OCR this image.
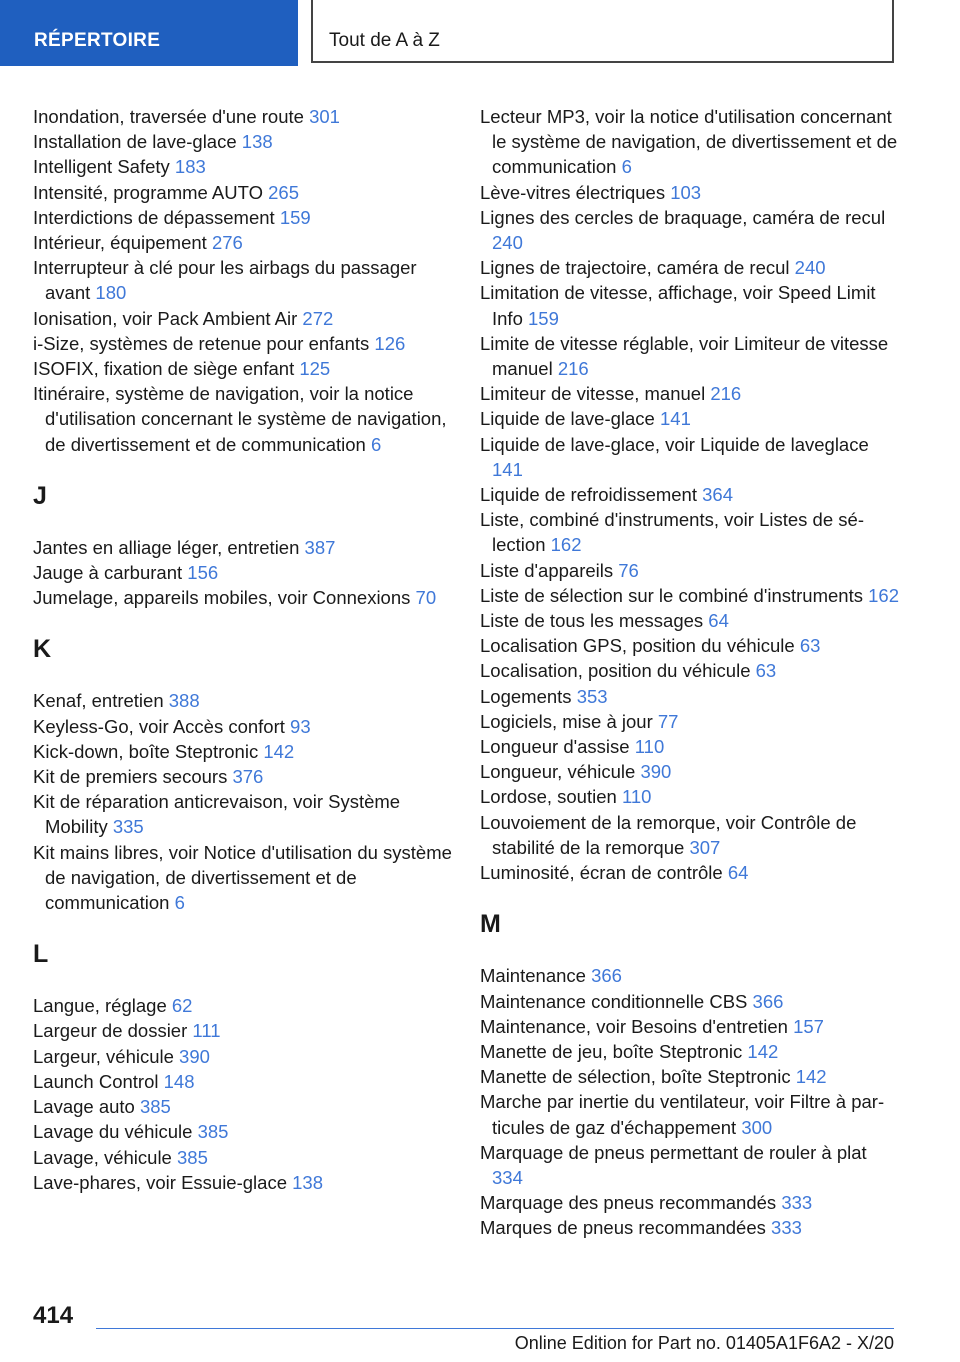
RÉPERTOIRE	Tout de A à Z
Inondation, traversée d'une route 301
Installation de lave-glace 138
Intelligent Safety 183
Intensité, programme AUTO 265
Interdictions de dépassement 159
Intérieur, équipement 276
Interrupteur à clé pour les airbags du passager avant 180
Ionisation, voir Pack Ambient Air 272
i-Size, systèmes de retenue pour enfants 126
ISOFIX, fixation de siège enfant 125
Itinéraire, système de navigation, voir la notice d'utilisation concernant le système de navigation, de divertissement et de communication 6
J
Jantes en alliage léger, entretien 387
Jauge à carburant 156
Jumelage, appareils mobiles, voir Connexions 70
K
Kenaf, entretien 388
Keyless-Go, voir Accès confort 93
Kick-down, boîte Steptronic 142
Kit de premiers secours 376
Kit de réparation anticrevaison, voir Système Mobility 335
Kit mains libres, voir Notice d'utilisation du système de navigation, de divertissement et de communication 6
L
Langue, réglage 62
Largeur de dossier 111
Largeur, véhicule 390
Launch Control 148
Lavage auto 385
Lavage du véhicule 385
Lavage, véhicule 385
Lave-phares, voir Essuie-glace 138
Lecteur MP3, voir la notice d'utilisation concernant le système de navigation, de divertissement et de communication 6
Lève-vitres électriques 103
Lignes des cercles de braquage, caméra de recul 240
Lignes de trajectoire, caméra de recul 240
Limitation de vitesse, affichage, voir Speed Limit Info 159
Limite de vitesse réglable, voir Limiteur de vitesse manuel 216
Limiteur de vitesse, manuel 216
Liquide de lave-glace 141
Liquide de lave-glace, voir Liquide de laveglace 141
Liquide de refroidissement 364
Liste, combiné d'instruments, voir Listes de sélection 162
Liste d'appareils 76
Liste de sélection sur le combiné d'instruments 162
Liste de tous les messages 64
Localisation GPS, position du véhicule 63
Localisation, position du véhicule 63
Logements 353
Logiciels, mise à jour 77
Longueur d'assise 110
Longueur, véhicule 390
Lordose, soutien 110
Louvoiement de la remorque, voir Contrôle de stabilité de la remorque 307
Luminosité, écran de contrôle 64
M
Maintenance 366
Maintenance conditionnelle CBS 366
Maintenance, voir Besoins d'entretien 157
Manette de jeu, boîte Steptronic 142
Manette de sélection, boîte Steptronic 142
Marche par inertie du ventilateur, voir Filtre à particules de gaz d'échappement 300
Marquage de pneus permettant de rouler à plat 334
Marquage des pneus recommandés 333
Marques de pneus recommandées 333
414
Online Edition for Part no. 01405A1F6A2 - X/20
